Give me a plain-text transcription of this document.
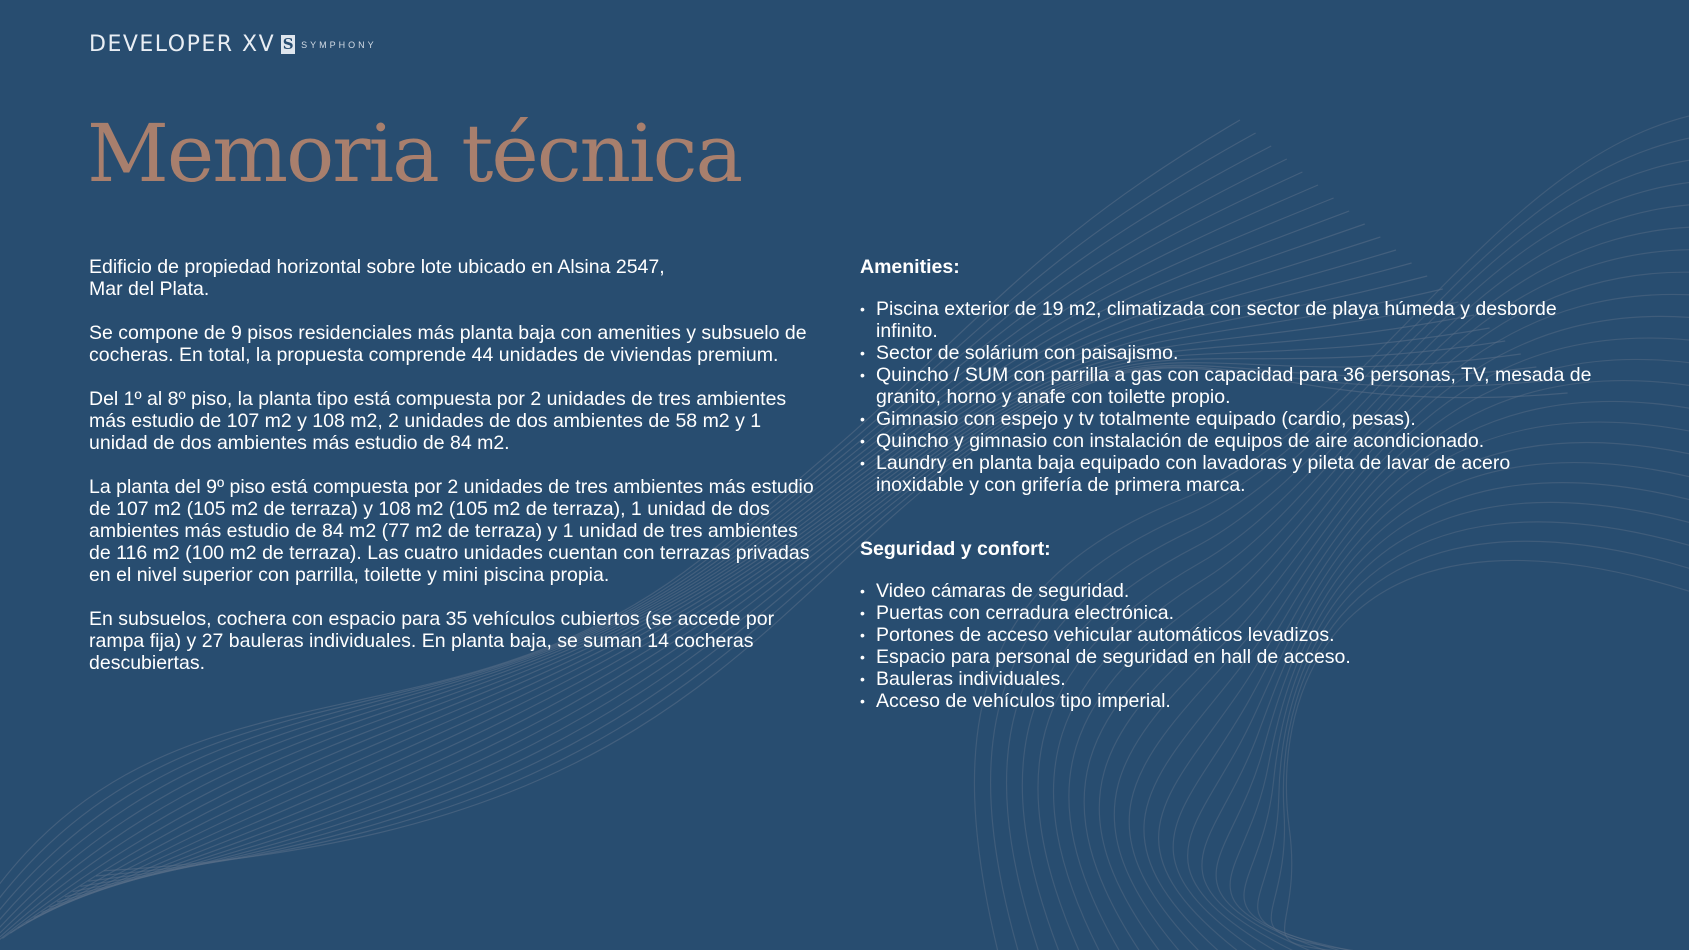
DEVELOPER XV S SYMPHONY
Memoria técnica

Edificio de propiedad horizontal sobre lote ubicado en Alsina 2547,
Mar del Plata.

Se compone de 9 pisos residenciales más planta baja con amenities y subsuelo de cocheras. En total, la propuesta comprende 44 unidades de viviendas premium.

Del 1º al 8º piso, la planta tipo está compuesta por 2 unidades de tres ambientes más estudio de 107 m2 y 108 m2, 2 unidades de dos ambientes de 58 m2 y 1 unidad de dos ambientes más estudio de 84 m2.

La planta del 9º piso está compuesta por 2 unidades de tres ambientes más estudio de 107 m2 (105 m2 de terraza) y 108 m2 (105 m2 de terraza), 1 unidad de dos ambientes más estudio de 84 m2 (77 m2 de terraza) y 1 unidad de tres ambientes de 116 m2 (100 m2 de terraza). Las cuatro unidades cuentan con terrazas privadas en el nivel superior con parrilla, toilette y mini piscina propia.

En subsuelos, cochera con espacio para 35 vehículos cubiertos (se accede por rampa fija) y 27 bauleras individuales. En planta baja, se suman 14 cocheras descubiertas.

Amenities:

• Piscina exterior de 19 m2, climatizada con sector de playa húmeda y desborde infinito.
• Sector de solárium con paisajismo.
• Quincho / SUM con parrilla a gas con capacidad para 36 personas, TV, mesada de granito, horno y anafe con toilette propio.
• Gimnasio con espejo y tv totalmente equipado (cardio, pesas).
• Quincho y gimnasio con instalación de equipos de aire acondicionado.
• Laundry en planta baja equipado con lavadoras y pileta de lavar de acero inoxidable y con grifería de primera marca.

Seguridad y confort:

• Video cámaras de seguridad.
• Puertas con cerradura electrónica.
• Portones de acceso vehicular automáticos levadizos.
• Espacio para personal de seguridad en hall de acceso.
• Bauleras individuales.
• Acceso de vehículos tipo imperial.
